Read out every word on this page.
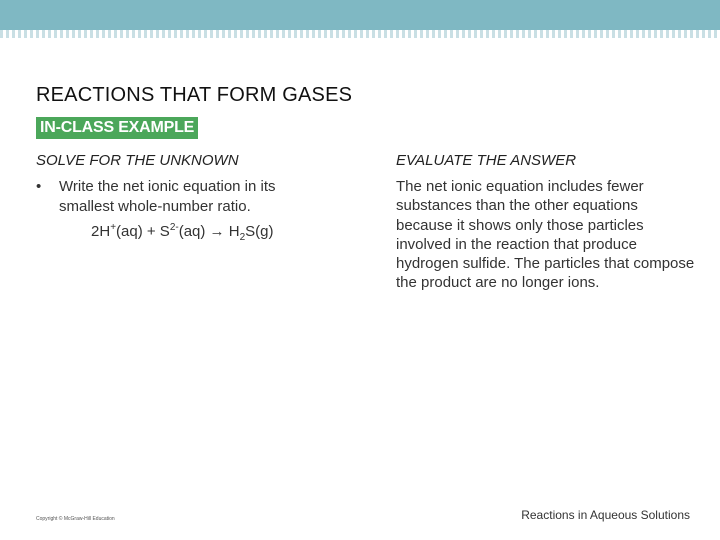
REACTIONS THAT FORM GASES
IN-CLASS EXAMPLE
SOLVE FOR THE UNKNOWN	EVALUATE THE ANSWER
• Write the net ionic equation in its smallest whole-number ratio.
$2H^+(aq) + S^{2-}(aq) \to H_2S(g)$
The net ionic equation includes fewer substances than the other equations because it shows only those particles involved in the reaction that produce hydrogen sulfide. The particles that compose the product are no longer ions.
Copyright © McGraw-Hill Education	Reactions in Aqueous Solutions
